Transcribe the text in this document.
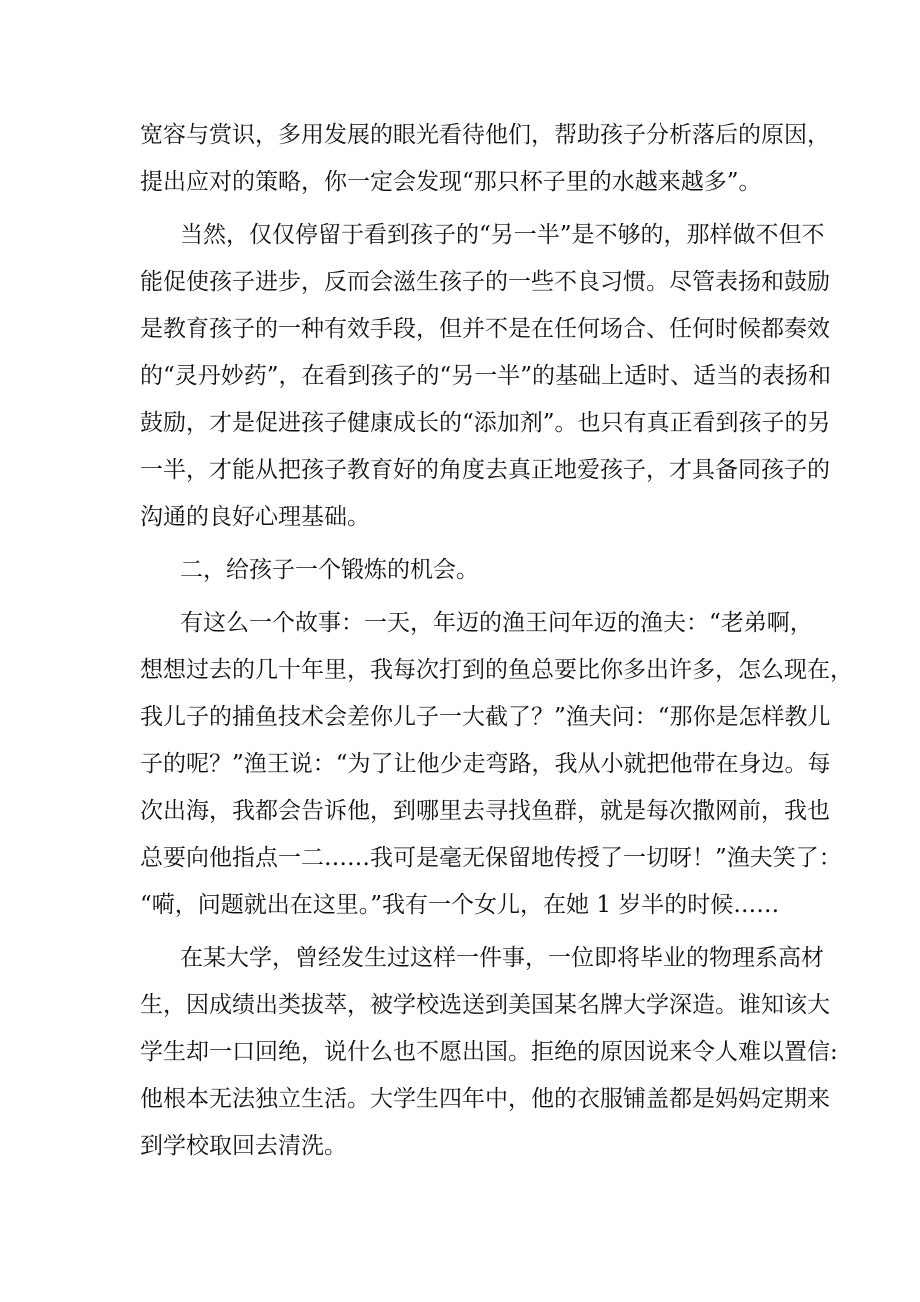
宽容与赏识，多用发展的眼光看待他们，帮助孩子分析落后的原因，
提出应对的策略，你一定会发现“那只杯子里的水越来越多”。
当然，仅仅停留于看到孩子的“另一半”是不够的，那样做不但不
能促使孩子进步，反而会滋生孩子的一些不良习惯。尽管表扬和鼓励
是教育孩子的一种有效手段，但并不是在任何场合、任何时候都奏效
的“灵丹妙药”，在看到孩子的“另一半”的基础上适时、适当的表扬和
鼓励，才是促进孩子健康成长的“添加剂”。也只有真正看到孩子的另
一半，才能从把孩子教育好的角度去真正地爱孩子，才具备同孩子的
沟通的良好心理基础。
二，给孩子一个锻炼的机会。
有这么一个故事：一天，年迈的渔王问年迈的渔夫：“老弟啊，
想想过去的几十年里，我每次打到的鱼总要比你多出许多，怎么现在，
我儿子的捕鱼技术会差你儿子一大截了？”渔夫问：“那你是怎样教儿
子的呢？”渔王说：“为了让他少走弯路，我从小就把他带在身边。每
次出海，我都会告诉他，到哪里去寻找鱼群，就是每次撒网前，我也
总要向他指点一二……我可是毫无保留地传授了一切呀！”渔夫笑了：
“嗬，问题就出在这里。”我有一个女儿，在她 1 岁半的时候……
在某大学，曾经发生过这样一件事，一位即将毕业的物理系高材
生，因成绩出类拔萃，被学校选送到美国某名牌大学深造。谁知该大
学生却一口回绝，说什么也不愿出国。拒绝的原因说来令人难以置信:
他根本无法独立生活。大学生四年中，他的衣服铺盖都是妈妈定期来
到学校取回去清洗。
